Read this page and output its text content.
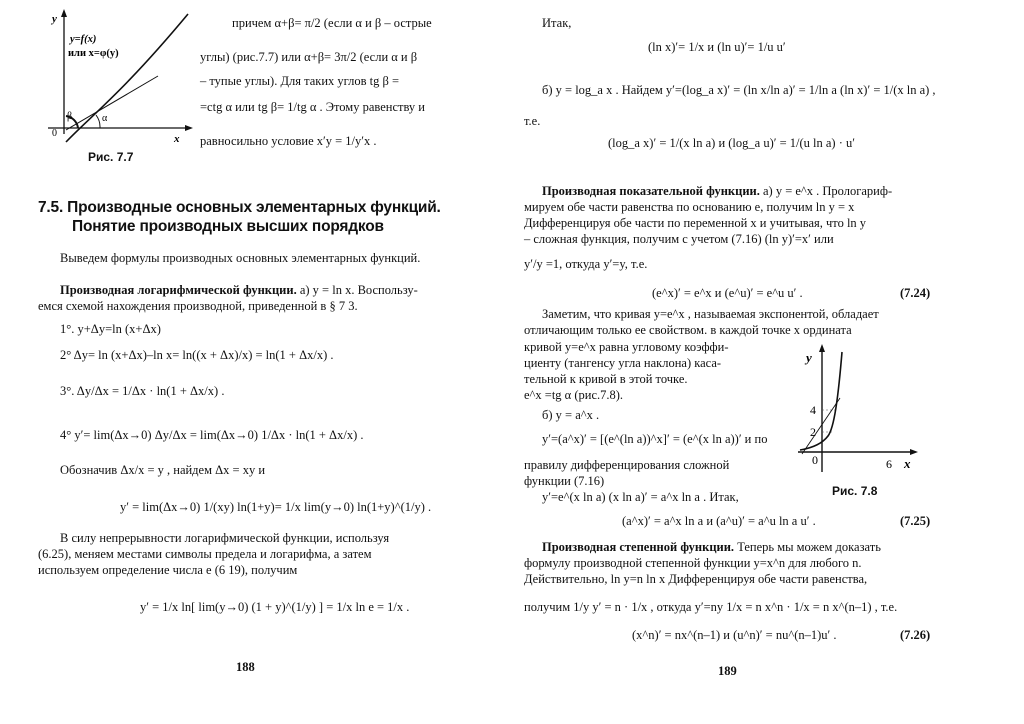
y
y=f(x)
или x=φ(y)
β	α
0	x
Рис. 7.7
причем α+β= π/2 (если α и β – острые
углы) (рис.7.7) или α+β= 3π/2 (если α и β
– тупые углы). Для таких углов tg β =
=ctg α или tg β= 1/tg α . Этому равенству и
равносильно условие x′y = 1/y′x .
7.5. Производные основных элементарных функций.
Понятие производных высших порядков
Выведем формулы производных основных элементарных функций.
Производная логарифмической функции. а) y = ln x. Воспользу-
емся схемой нахождения производной, приведенной в § 7 3.
1°. y+Δy=ln (x+Δx)
2° Δy= ln (x+Δx)–ln x= ln((x + Δx)/x) = ln(1 + Δx/x) .
3°. Δy/Δx = 1/Δx · ln(1 + Δx/x) .
4° y′= lim(Δx→0) Δy/Δx = lim(Δx→0) 1/Δx · ln(1 + Δx/x) .
Обозначив Δx/x = y , найдем Δx = xy и
y′ = lim(Δx→0) 1/(xy) ln(1+y)= 1/x lim(y→0) ln(1+y)^(1/y) .
В силу непрерывности логарифмической функции, используя
(6.25), меняем местами символы предела и логарифма, а затем
используем определение числа e (6 19), получим
y′ = 1/x ln[ lim(y→0) (1 + y)^(1/y) ] = 1/x ln e = 1/x .
188
Итак,
(ln x)′= 1/x и (ln u)′= 1/u u′
б) y = log_a x . Найдем y′=(log_a x)′ = (ln x/ln a)′ = 1/ln a (ln x)′ = 1/(x ln a) ,
т.е.
(log_a x)′ = 1/(x ln a) и (log_a u)′ = 1/(u ln a) · u′
Производная показательной функции. а) y = e^x . Прологариф-
мируем обе части равенства по основанию e, получим ln y = x
Дифференцируя обе части по переменной x и учитывая, что ln y
– сложная функция, получим с учетом (7.16) (ln y)′=x′ или
y′/y =1, откуда y′=y, т.е.
(e^x)′ = e^x и (e^u)′ = e^u u′ .	(7.24)
Заметим, что кривая y=e^x , называемая экспонентой, обладает
отличающим только ее свойством. в каждой точке x ордината
кривой y=e^x равна угловому коэффи-
циенту (тангенсу угла наклона) каса-
тельной к кривой в этой точке.
e^x =tg α (рис.7.8).
б) y = a^x .
y′=(a^x)′ = [(e^(ln a))^x]′ = (e^(x ln a))′ и по
правилу дифференцирования сложной
функции (7.16)
y′=e^(x ln a) (x ln a)′ = a^x ln a . Итак,
y
4
2
0	6 x
Рис. 7.8
(a^x)′ = a^x ln a и (a^u)′ = a^u ln a u′ .	(7.25)
Производная степенной функции. Теперь мы можем доказать
формулу производной степенной функции y=x^n для любого n.
Действительно, ln y=n ln x Дифференцируя обе части равенства,
получим 1/y y′ = n · 1/x , откуда y′=ny 1/x = n x^n · 1/x = n x^(n–1) , т.е.
(x^n)′ = nx^(n–1) и (u^n)′ = nu^(n–1)u′ .	(7.26)
189
